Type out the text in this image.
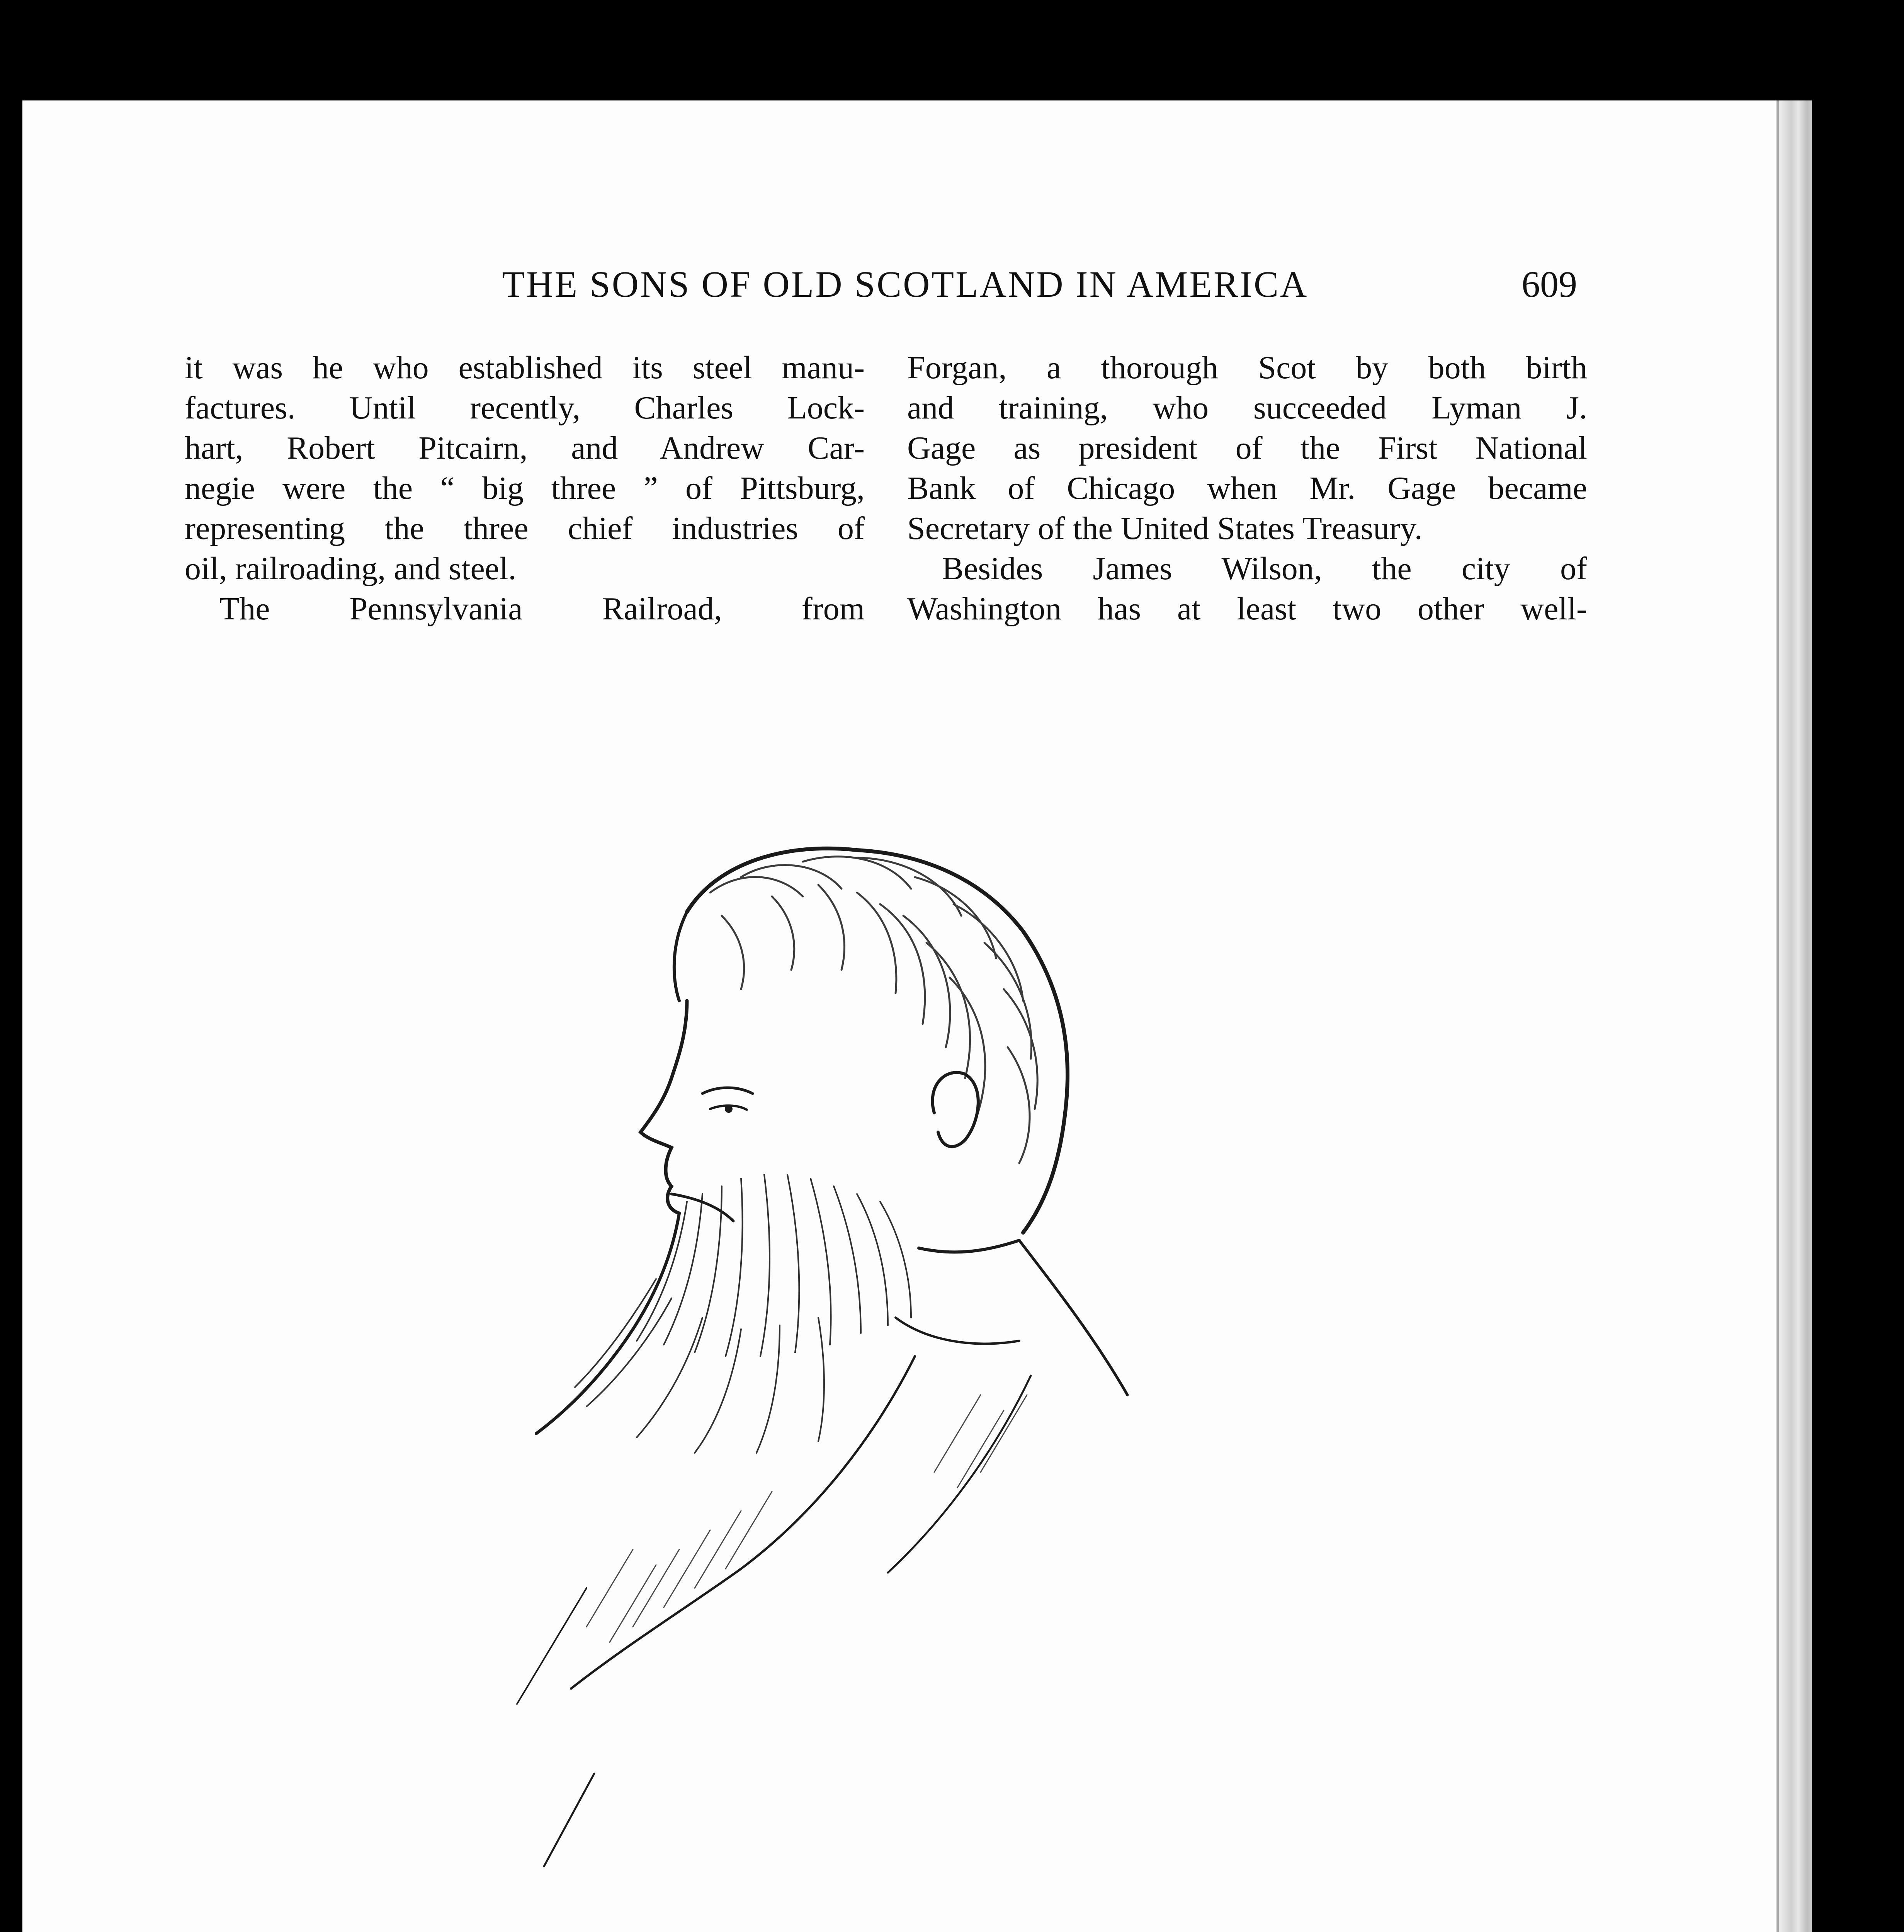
THE SONS OF OLD SCOTLAND IN AMERICA	609
it was he who established its steel manu-
factures. Until recently, Charles Lock-
hart, Robert Pitcairn, and Andrew Car-
negie were the “ big three ” of Pittsburg,
representing the three chief industries of
oil, railroading, and steel.
The Pennsylvania Railroad, from
Forgan, a thorough Scot by both birth
and training, who succeeded Lyman J.
Gage as president of the First National
Bank of Chicago when Mr. Gage became
Secretary of the United States Treasury.
Besides James Wilson, the city of
Washington has at least two other well-
